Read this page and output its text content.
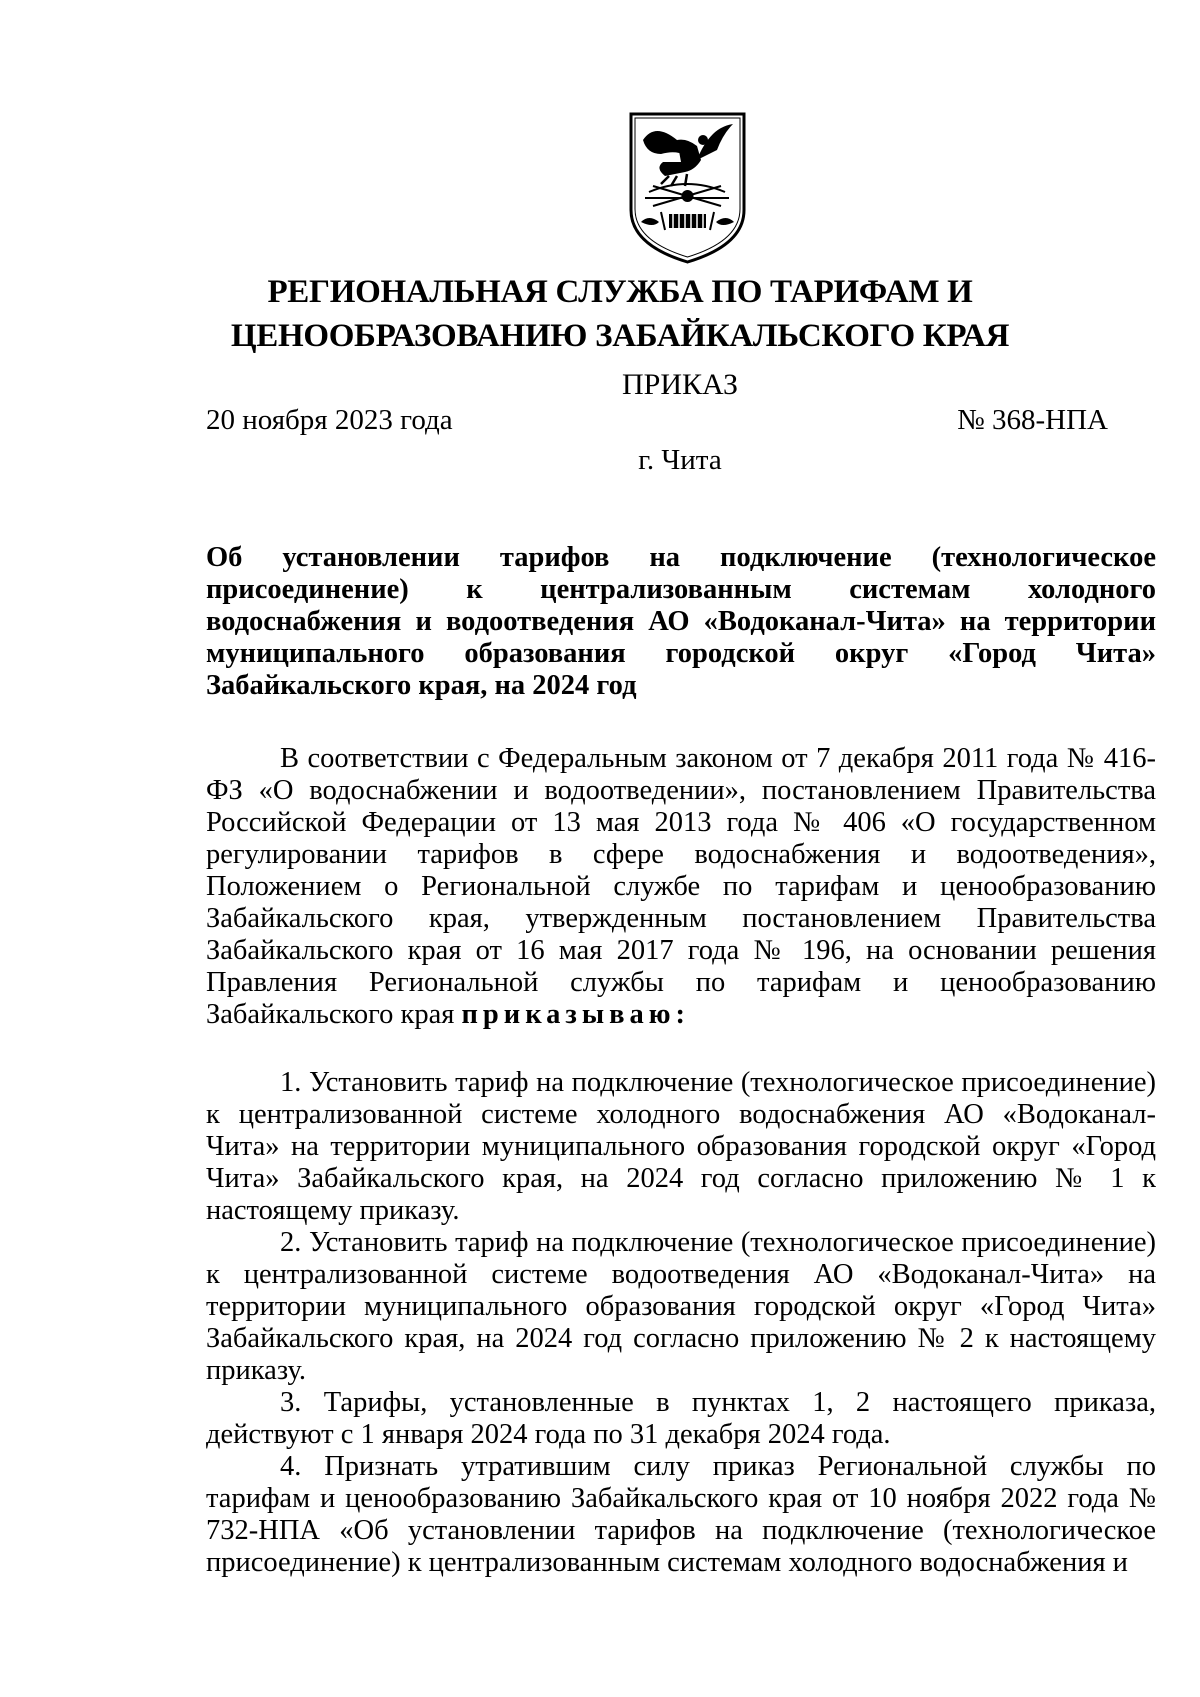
РЕГИОНАЛЬНАЯ СЛУЖБА ПО ТАРИФАМ И
ЦЕНООБРАЗОВАНИЮ ЗАБАЙКАЛЬСКОГО КРАЯ
ПРИКАЗ
20 ноября 2023 года	№ 368-НПА
г. Чита
Об установлении тарифов на подключение (технологическое присоединение) к централизованным системам холодного водоснабжения и водоотведения АО «Водоканал-Чита» на территории муниципального образования городской округ «Город Чита» Забайкальского края, на 2024 год

В соответствии с Федеральным законом от 7 декабря 2011 года № 416-ФЗ «О водоснабжении и водоотведении», постановлением Правительства Российской Федерации от 13 мая 2013 года № 406 «О государственном регулировании тарифов в сфере водоснабжения и водоотведения», Положением о Региональной службе по тарифам и ценообразованию Забайкальского края, утвержденным постановлением Правительства Забайкальского края от 16 мая 2017 года № 196, на основании решения Правления Региональной службы по тарифам и ценообразованию Забайкальского края приказываю:

1. Установить тариф на подключение (технологическое присоединение) к централизованной системе холодного водоснабжения АО «Водоканал-Чита» на территории муниципального образования городской округ «Город Чита» Забайкальского края, на 2024 год согласно приложению № 1 к настоящему приказу.

2. Установить тариф на подключение (технологическое присоединение) к централизованной системе водоотведения АО «Водоканал-Чита» на территории муниципального образования городской округ «Город Чита» Забайкальского края, на 2024 год согласно приложению № 2 к настоящему приказу.

3. Тарифы, установленные в пунктах 1, 2 настоящего приказа, действуют с 1 января 2024 года по 31 декабря 2024 года.

4. Признать утратившим силу приказ Региональной службы по тарифам и ценообразованию Забайкальского края от 10 ноября 2022 года № 732-НПА «Об установлении тарифов на подключение (технологическое присоединение) к централизованным системам холодного водоснабжения и
